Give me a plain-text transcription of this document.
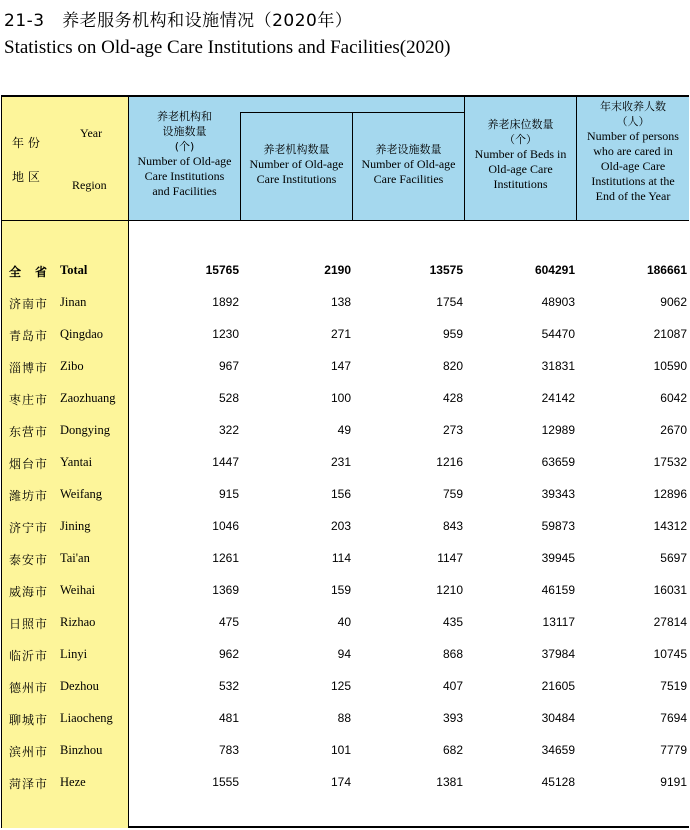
21-3　养老服务机构和设施情况（2020年）
Statistics on Old-age Care Institutions and Facilities(2020)
年 份
Year
地 区
Region
养老机构和
设施数量
(个)
Number of Old-age
Care Institutions
and Facilities
养老机构数量
Number of Old-age
Care Institutions
养老设施数量
Number of Old-age
Care Facilities
养老床位数量
（个）
Number of Beds in
Old-age Care
Institutions
年末收养人数
（人）
Number of persons
who are cared in
Old-age Care
Institutions at the
End of the Year
全　省 Total	15765	2190	13575	604291	186661
济南市 Jinan	1892	138	1754	48903	9062
青岛市 Qingdao	1230	271	959	54470	21087
淄博市 Zibo	967	147	820	31831	10590
枣庄市 Zaozhuang	528	100	428	24142	6042
东营市 Dongying	322	49	273	12989	2670
烟台市 Yantai	1447	231	1216	63659	17532
潍坊市 Weifang	915	156	759	39343	12896
济宁市 Jining	1046	203	843	59873	14312
泰安市 Tai'an	1261	114	1147	39945	5697
威海市 Weihai	1369	159	1210	46159	16031
日照市 Rizhao	475	40	435	13117	27814
临沂市 Linyi	962	94	868	37984	10745
德州市 Dezhou	532	125	407	21605	7519
聊城市 Liaocheng	481	88	393	30484	7694
滨州市 Binzhou	783	101	682	34659	7779
菏泽市 Heze	1555	174	1381	45128	9191
